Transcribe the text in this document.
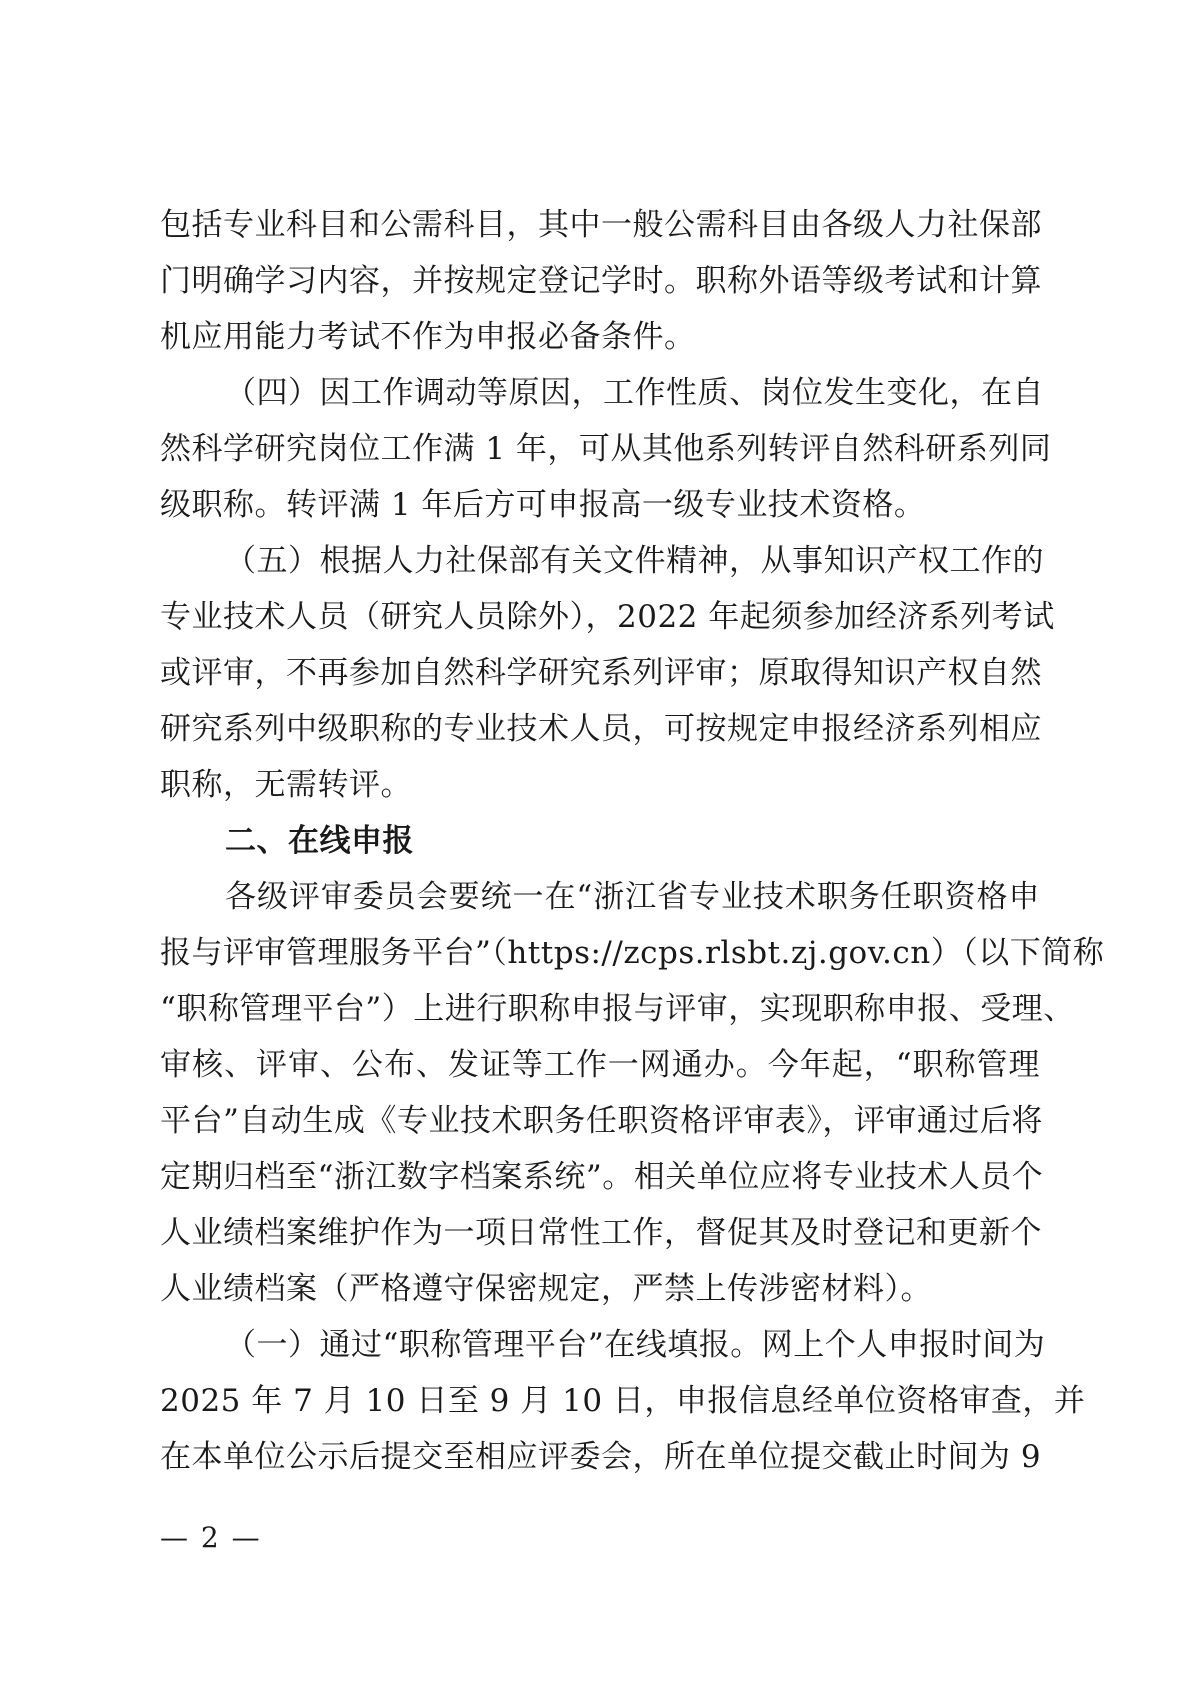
包括专业科目和公需科目，其中一般公需科目由各级人力社保部
门明确学习内容，并按规定登记学时。职称外语等级考试和计算
机应用能力考试不作为申报必备条件。
（四）因工作调动等原因，工作性质、岗位发生变化，在自
然科学研究岗位工作满 1 年，可从其他系列转评自然科研系列同
级职称。转评满 1 年后方可申报高一级专业技术资格。
（五）根据人力社保部有关文件精神，从事知识产权工作的
专业技术人员（研究人员除外），2022 年起须参加经济系列考试
或评审，不再参加自然科学研究系列评审；原取得知识产权自然
研究系列中级职称的专业技术人员，可按规定申报经济系列相应
职称，无需转评。
二、在线申报
各级评审委员会要统一在“浙江省专业技术职务任职资格申
报与评审管理服务平台”（https://zcps.rlsbt.zj.gov.cn）（以下简称
“职称管理平台”）上进行职称申报与评审，实现职称申报、受理、
审核、评审、公布、发证等工作一网通办。今年起，“职称管理
平台”自动生成《专业技术职务任职资格评审表》，评审通过后将
定期归档至“浙江数字档案系统”。相关单位应将专业技术人员个
人业绩档案维护作为一项日常性工作，督促其及时登记和更新个
人业绩档案（严格遵守保密规定，严禁上传涉密材料）。
（一）通过“职称管理平台”在线填报。网上个人申报时间为
2025 年 7 月 10 日至 9 月 10 日，申报信息经单位资格审查，并
在本单位公示后提交至相应评委会，所在单位提交截止时间为 9
— 2 —
